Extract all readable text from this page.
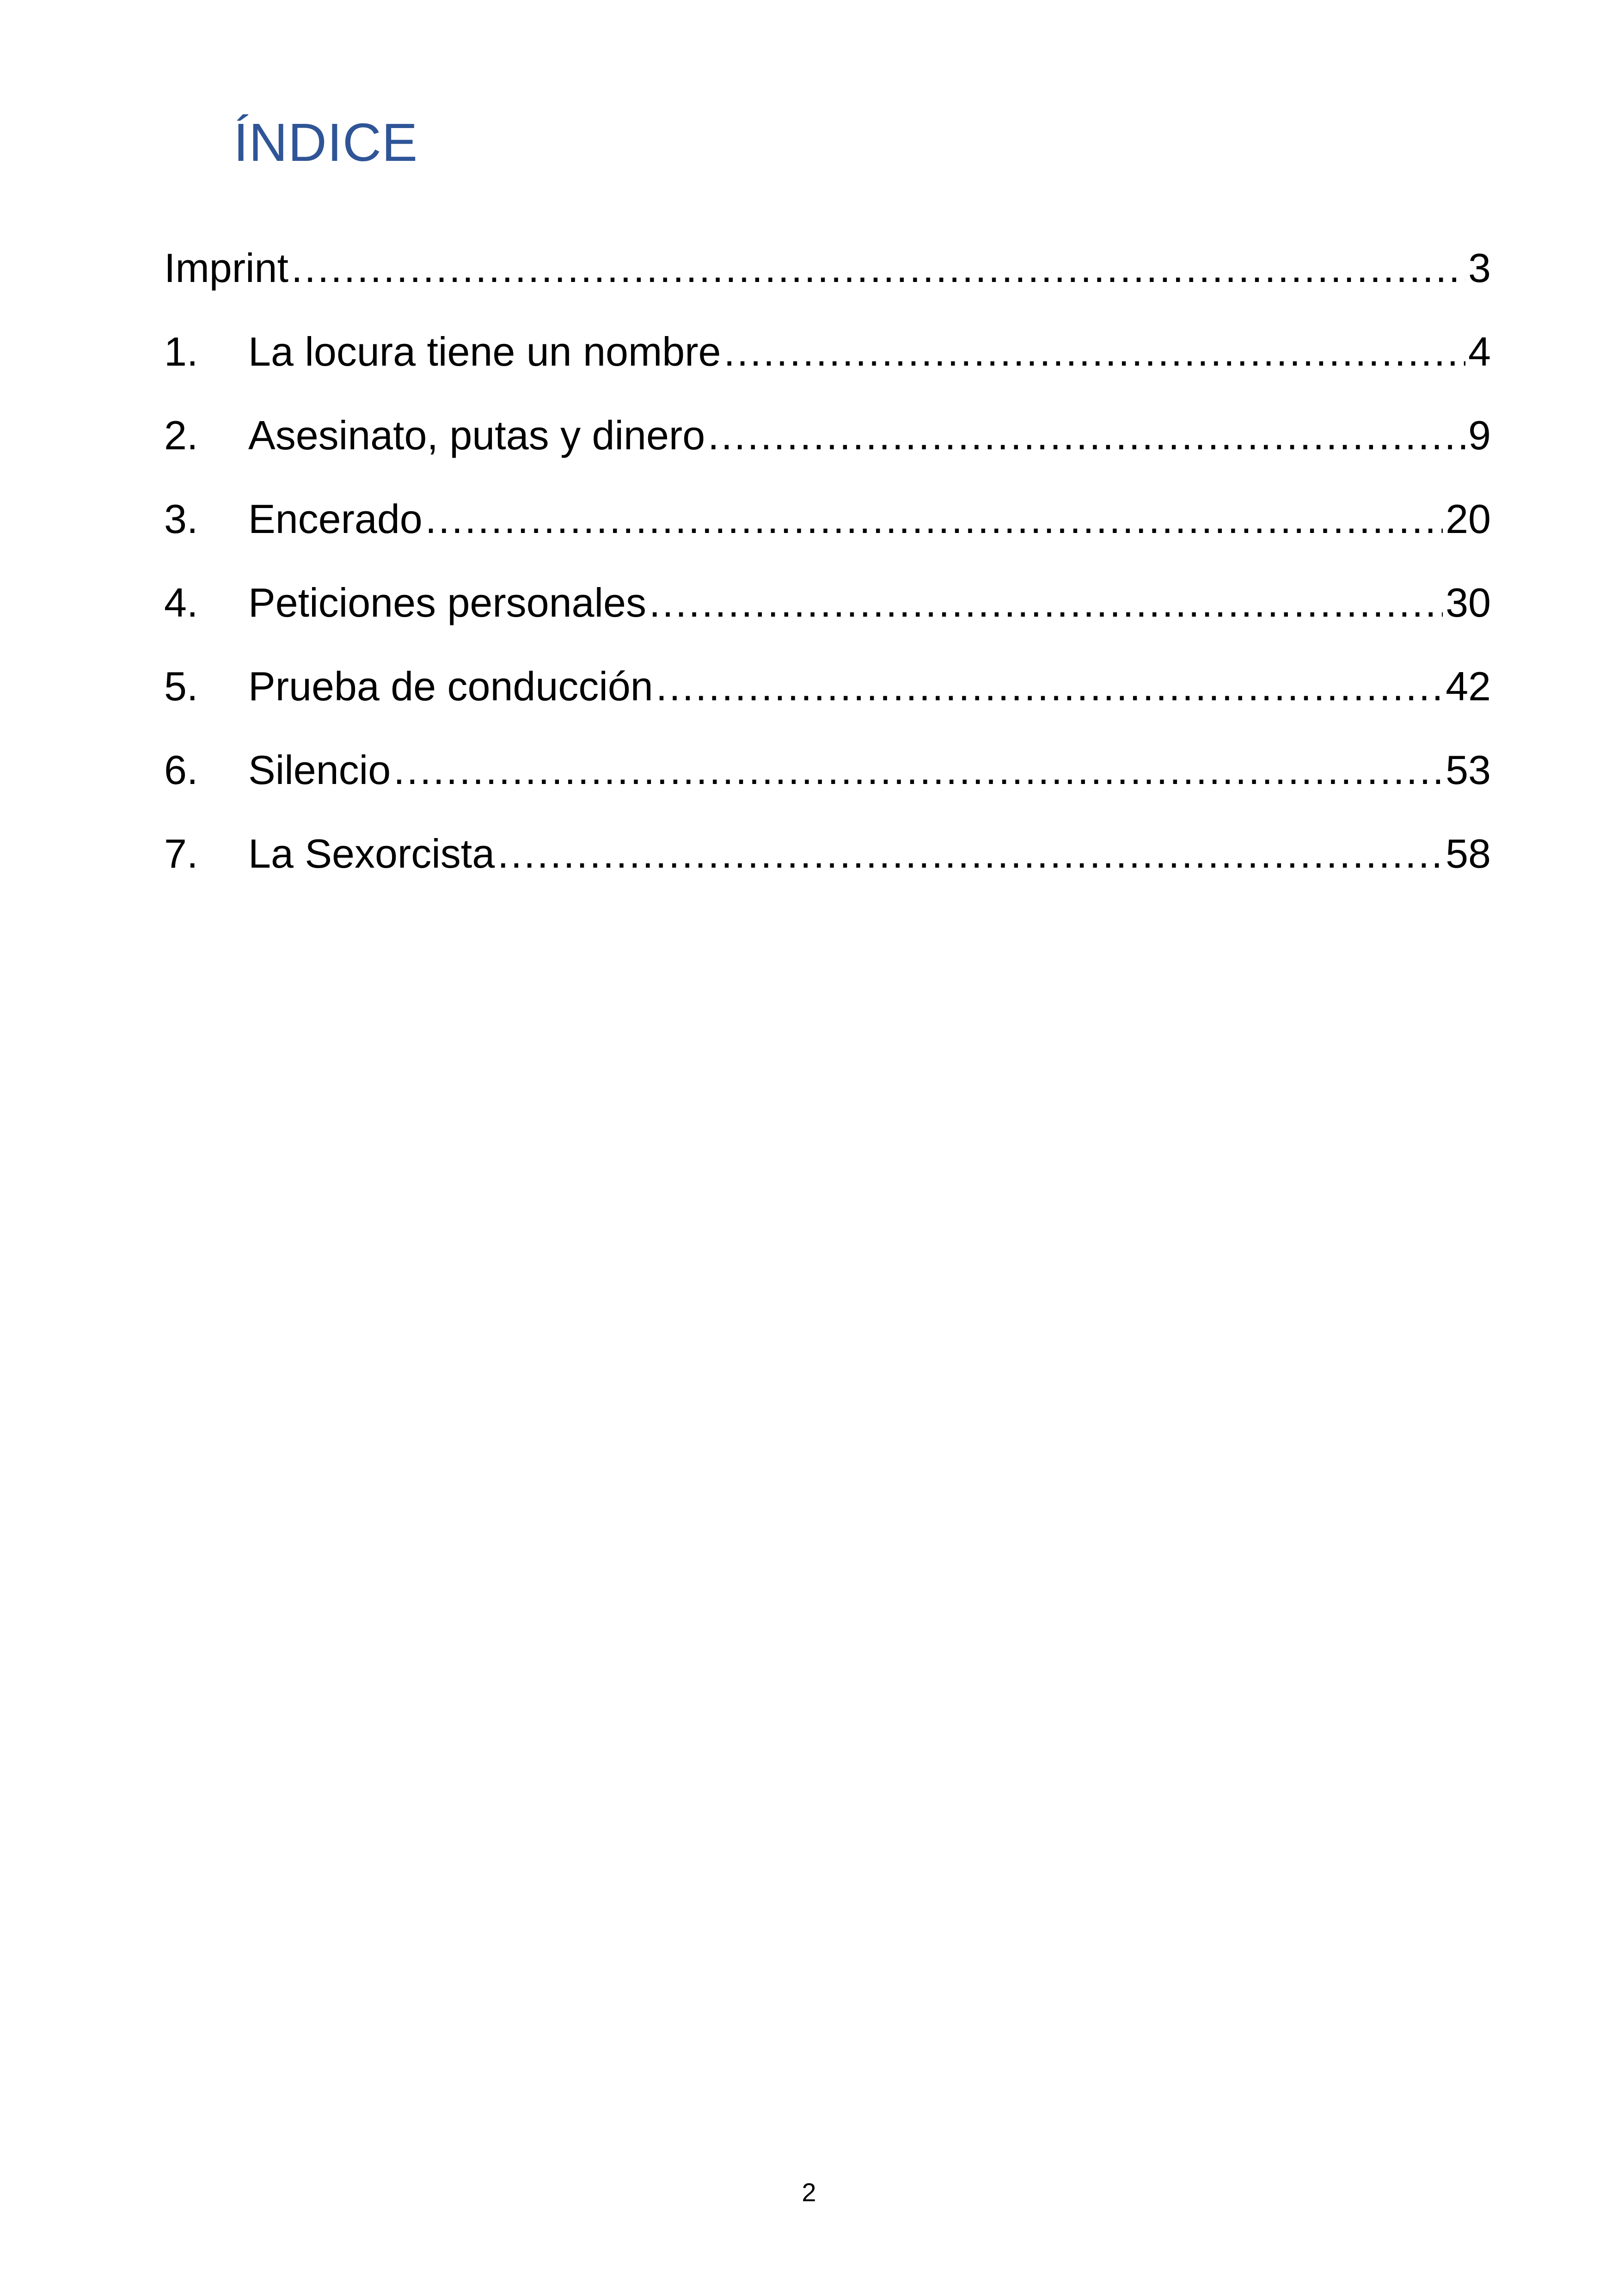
ÍNDICE
Imprint .....	3
1.	La locura tiene un nombre .....	4
2.	Asesinato, putas y dinero .....	9
3.	Encerado .....	20
4.	Peticiones personales .....	30
5.	Prueba de conducción .....	42
6.	Silencio .....	53
7.	La Sexorcista .....	58
2
